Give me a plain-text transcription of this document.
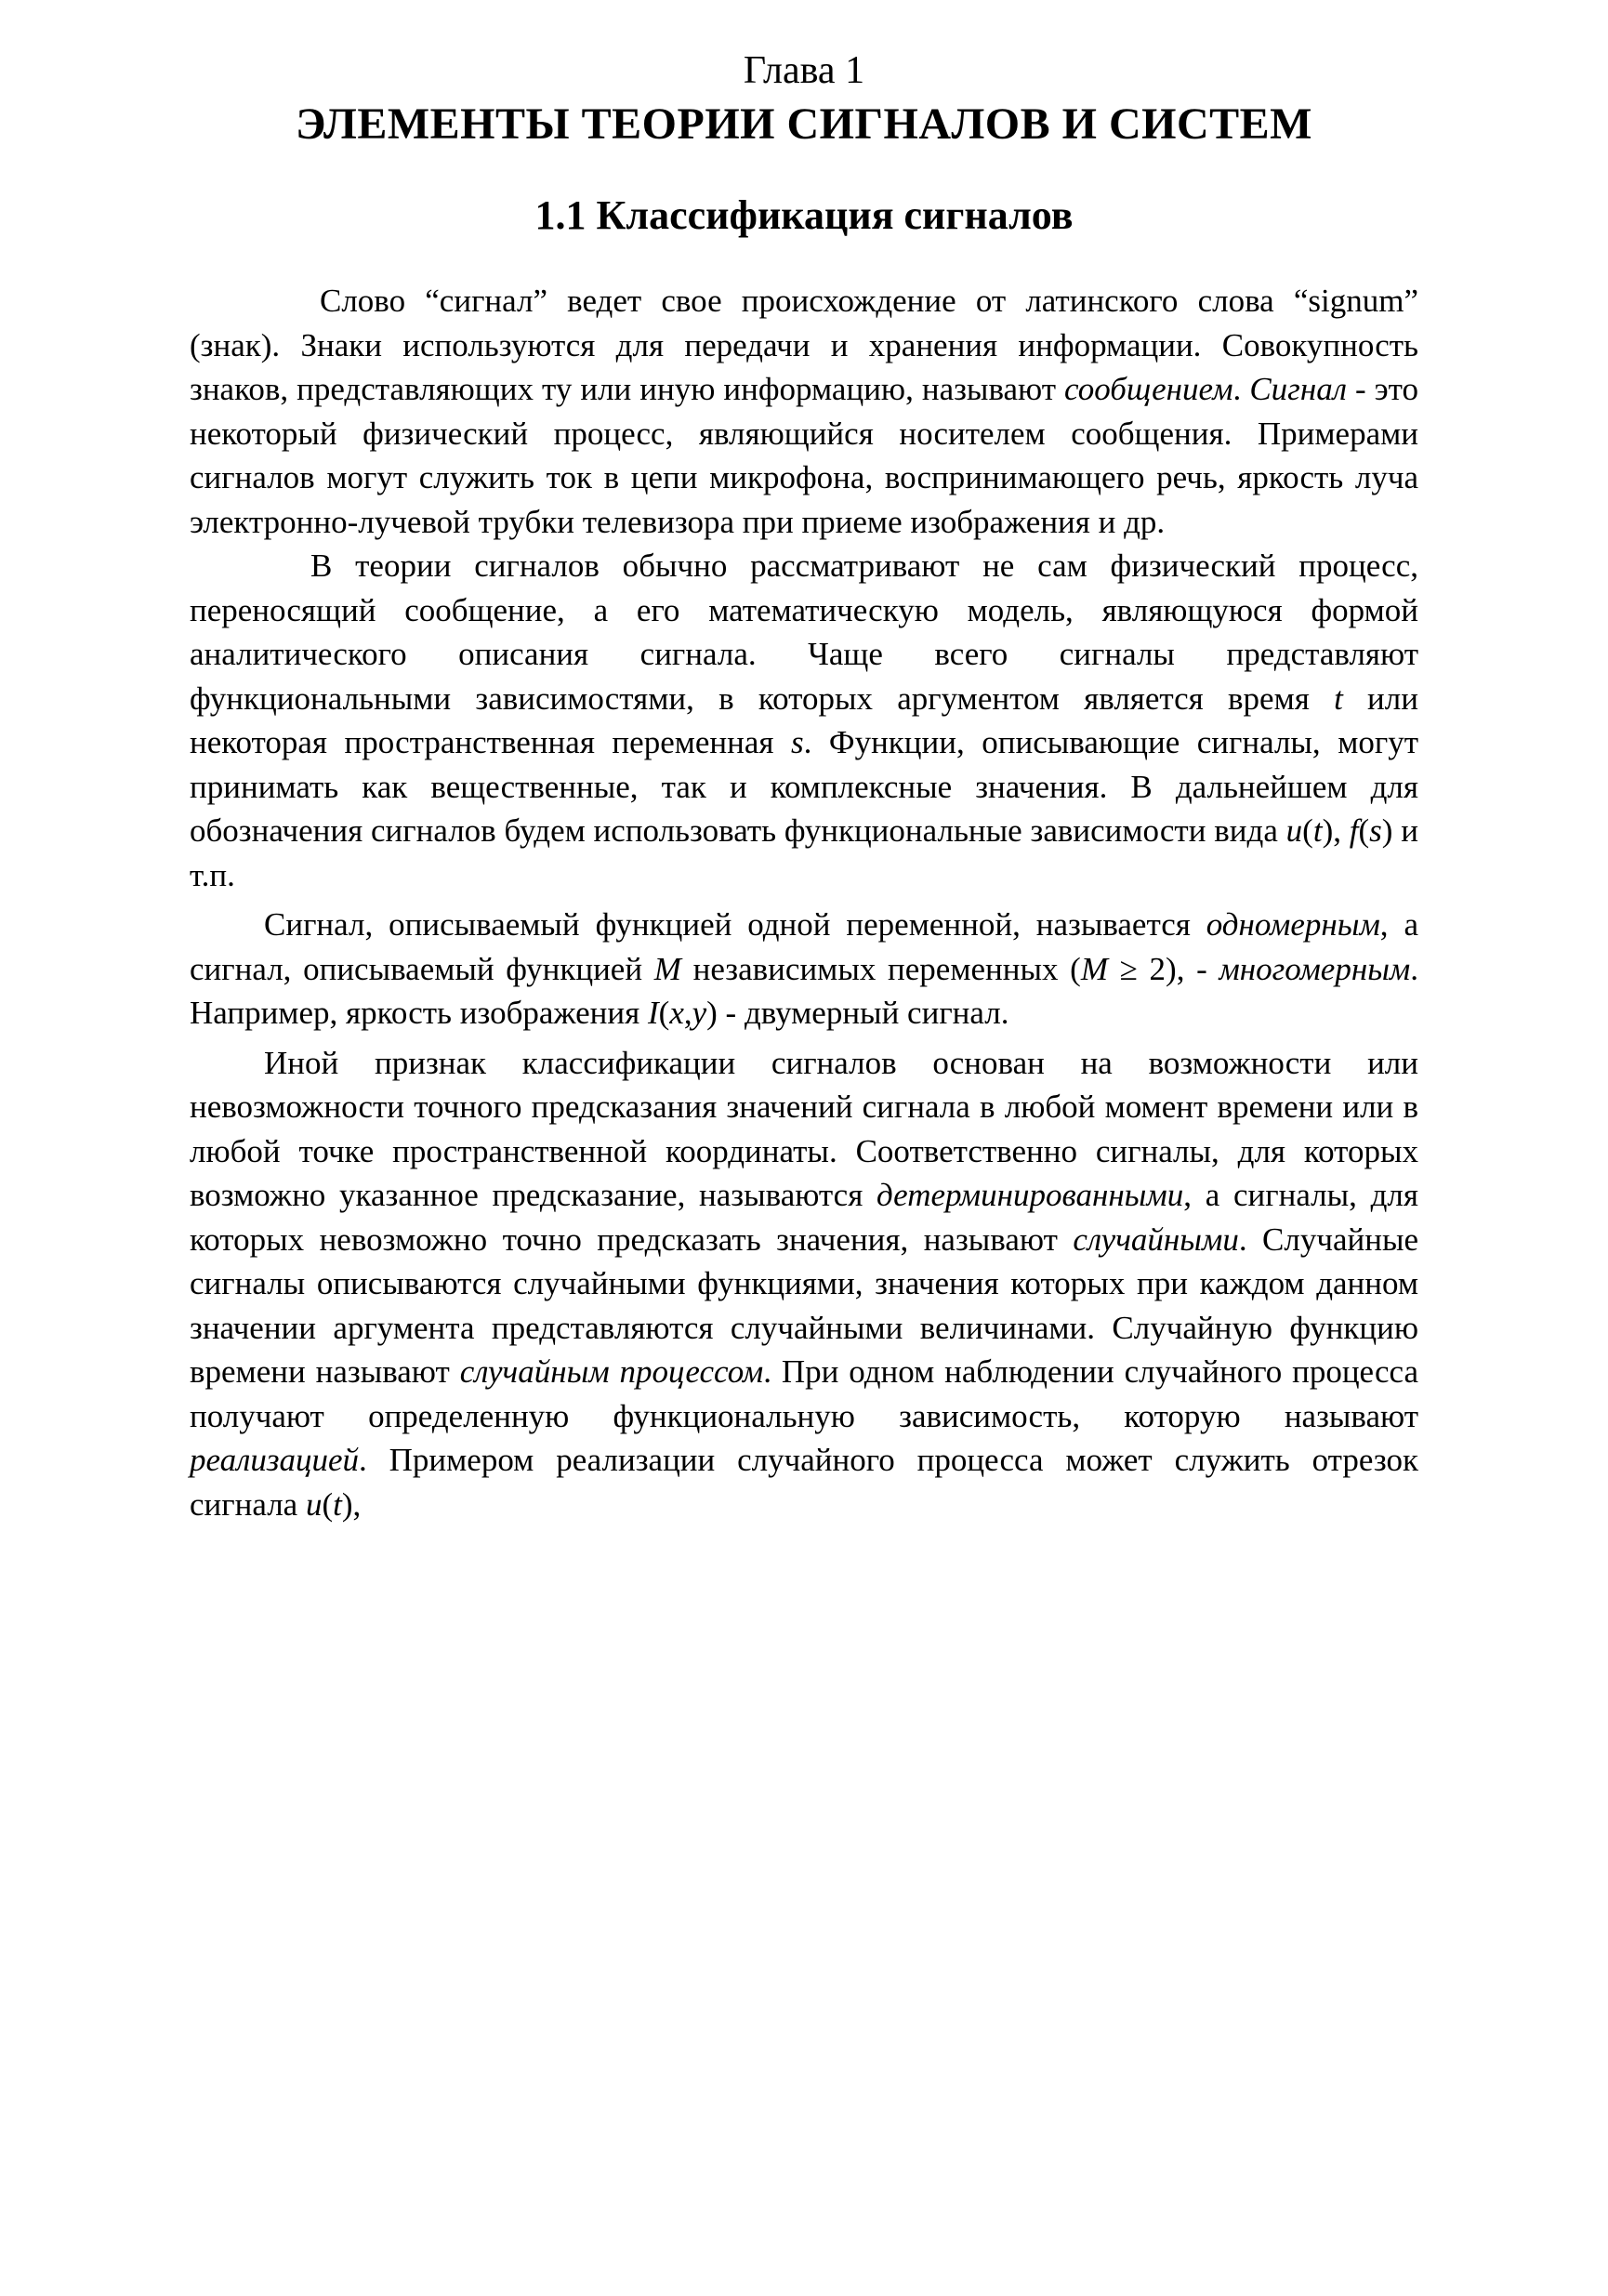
Глава 1
ЭЛЕМЕНТЫ ТЕОРИИ СИГНАЛОВ И СИСТЕМ
1.1 Классификация сигналов

Слово “сигнал” ведет свое происхождение от латинского слова “signum” (знак). Знаки используются для передачи и хранения информации. Совокупность знаков, представляющих ту или иную информацию, называют сообщением. Сигнал - это некоторый физический процесс, являющийся носителем сообщения. Примерами сигналов могут служить ток в цепи микрофона, воспринимающего речь, яркость луча электронно-лучевой трубки телевизора при приеме изображения и др.

В теории сигналов обычно рассматривают не сам физический процесс, переносящий сообщение, а его математическую модель, являющуюся формой аналитического описания сигнала. Чаще всего сигналы представляют функциональными зависимостями, в которых аргументом является время t или некоторая пространственная переменная s. Функции, описывающие сигналы, могут принимать как вещественные, так и комплексные значения. В дальнейшем для обозначения сигналов будем использовать функциональные зависимости вида u(t), f(s) и т.п.

Сигнал, описываемый функцией одной переменной, называется одномерным, а сигнал, описываемый функцией M независимых переменных (M ≥ 2), - многомерным. Например, яркость изображения I(x,y) - двумерный сигнал.

Иной признак классификации сигналов основан на возможности или невозможности точного предсказания значений сигнала в любой момент времени или в любой точке пространственной координаты. Соответственно сигналы, для которых возможно указанное предсказание, называются детерминированными, а сигналы, для которых невозможно точно предсказать значения, называют случайными. Случайные сигналы описываются случайными функциями, значения которых при каждом данном значении аргумента представляются случайными величинами. Случайную функцию времени называют случайным процессом. При одном наблюдении случайного процесса получают определенную функциональную зависимость, которую называют реализацией. Примером реализации случайного процесса может служить отрезок сигнала u(t),
